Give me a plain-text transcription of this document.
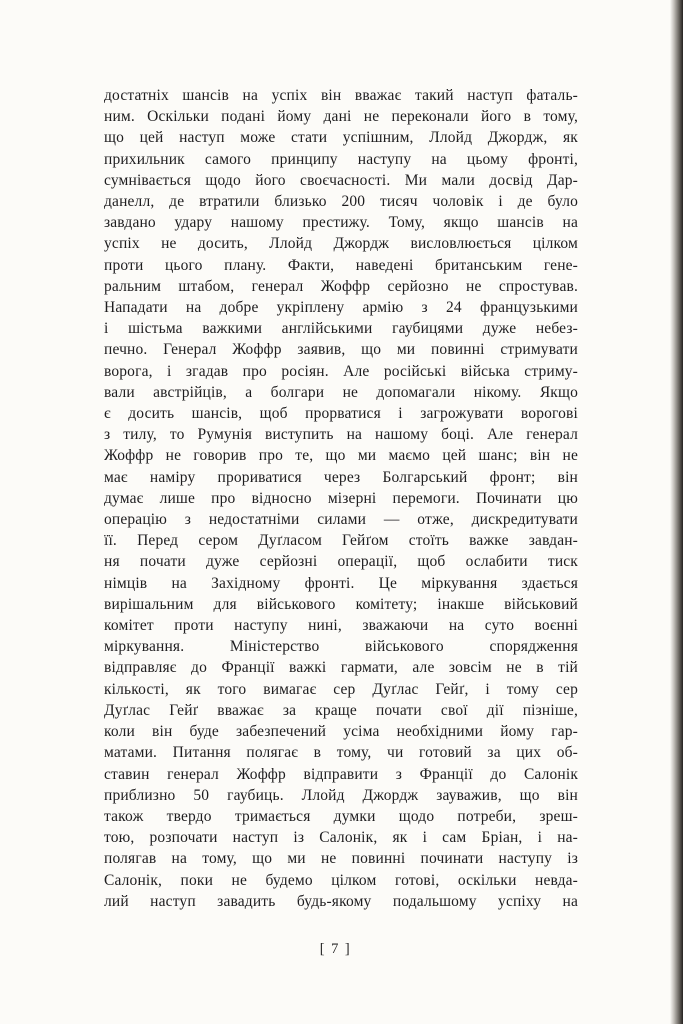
достатніх шансів на успіх він вважає такий наступ фаталь-
ним. Оскільки подані йому дані не переконали його в тому,
що цей наступ може стати успішним, Ллойд Джордж, як
прихильник самого принципу наступу на цьому фронті,
сумнівається щодо його своєчасності. Ми мали досвід Дар-
данелл, де втратили близько 200 тисяч чоловік і де було
завдано удару нашому престижу. Тому, якщо шансів на
успіх не досить, Ллойд Джордж висловлюється цілком
проти цього плану. Факти, наведені британським гене-
ральним штабом, генерал Жоффр серйозно не спростував.
Нападати на добре укріплену армію з 24 французькими
і шістьма важкими англійськими гаубицями дуже небез-
печно. Генерал Жоффр заявив, що ми повинні стримувати
ворога, і згадав про росіян. Але російські війська стриму-
вали австрійців, а болгари не допомагали нікому. Якщо
є досить шансів, щоб прорватися і загрожувати ворогові
з тилу, то Румунія виступить на нашому боці. Але генерал
Жоффр не говорив про те, що ми маємо цей шанс; він не
має наміру прориватися через Болгарський фронт; він
думає лише про відносно мізерні перемоги. Починати цю
операцію з недостатніми силами — отже, дискредитувати
її. Перед сером Дуґласом Гейґом стоїть важке завдан-
ня почати дуже серйозні операції, щоб ослабити тиск
німців на Західному фронті. Це міркування здається
вирішальним для військового комітету; інакше військовий
комітет проти наступу нині, зважаючи на суто воєнні
міркування. Міністерство військового спорядження
відправляє до Франції важкі гармати, але зовсім не в тій
кількості, як того вимагає сер Дуґлас Гейґ, і тому сер
Дуґлас Гейґ вважає за краще почати свої дії пізніше,
коли він буде забезпечений усіма необхідними йому гар-
матами. Питання полягає в тому, чи готовий за цих об-
ставин генерал Жоффр відправити з Франції до Салонік
приблизно 50 гаубиць. Ллойд Джордж зауважив, що він
також твердо тримається думки щодо потреби, зреш-
тою, розпочати наступ із Салонік, як і сам Бріан, і на-
полягав на тому, що ми не повинні починати наступу із
Салонік, поки не будемо цілком готові, оскільки невда-
лий наступ завадить будь-якому подальшому успіху на
[ 7 ]
